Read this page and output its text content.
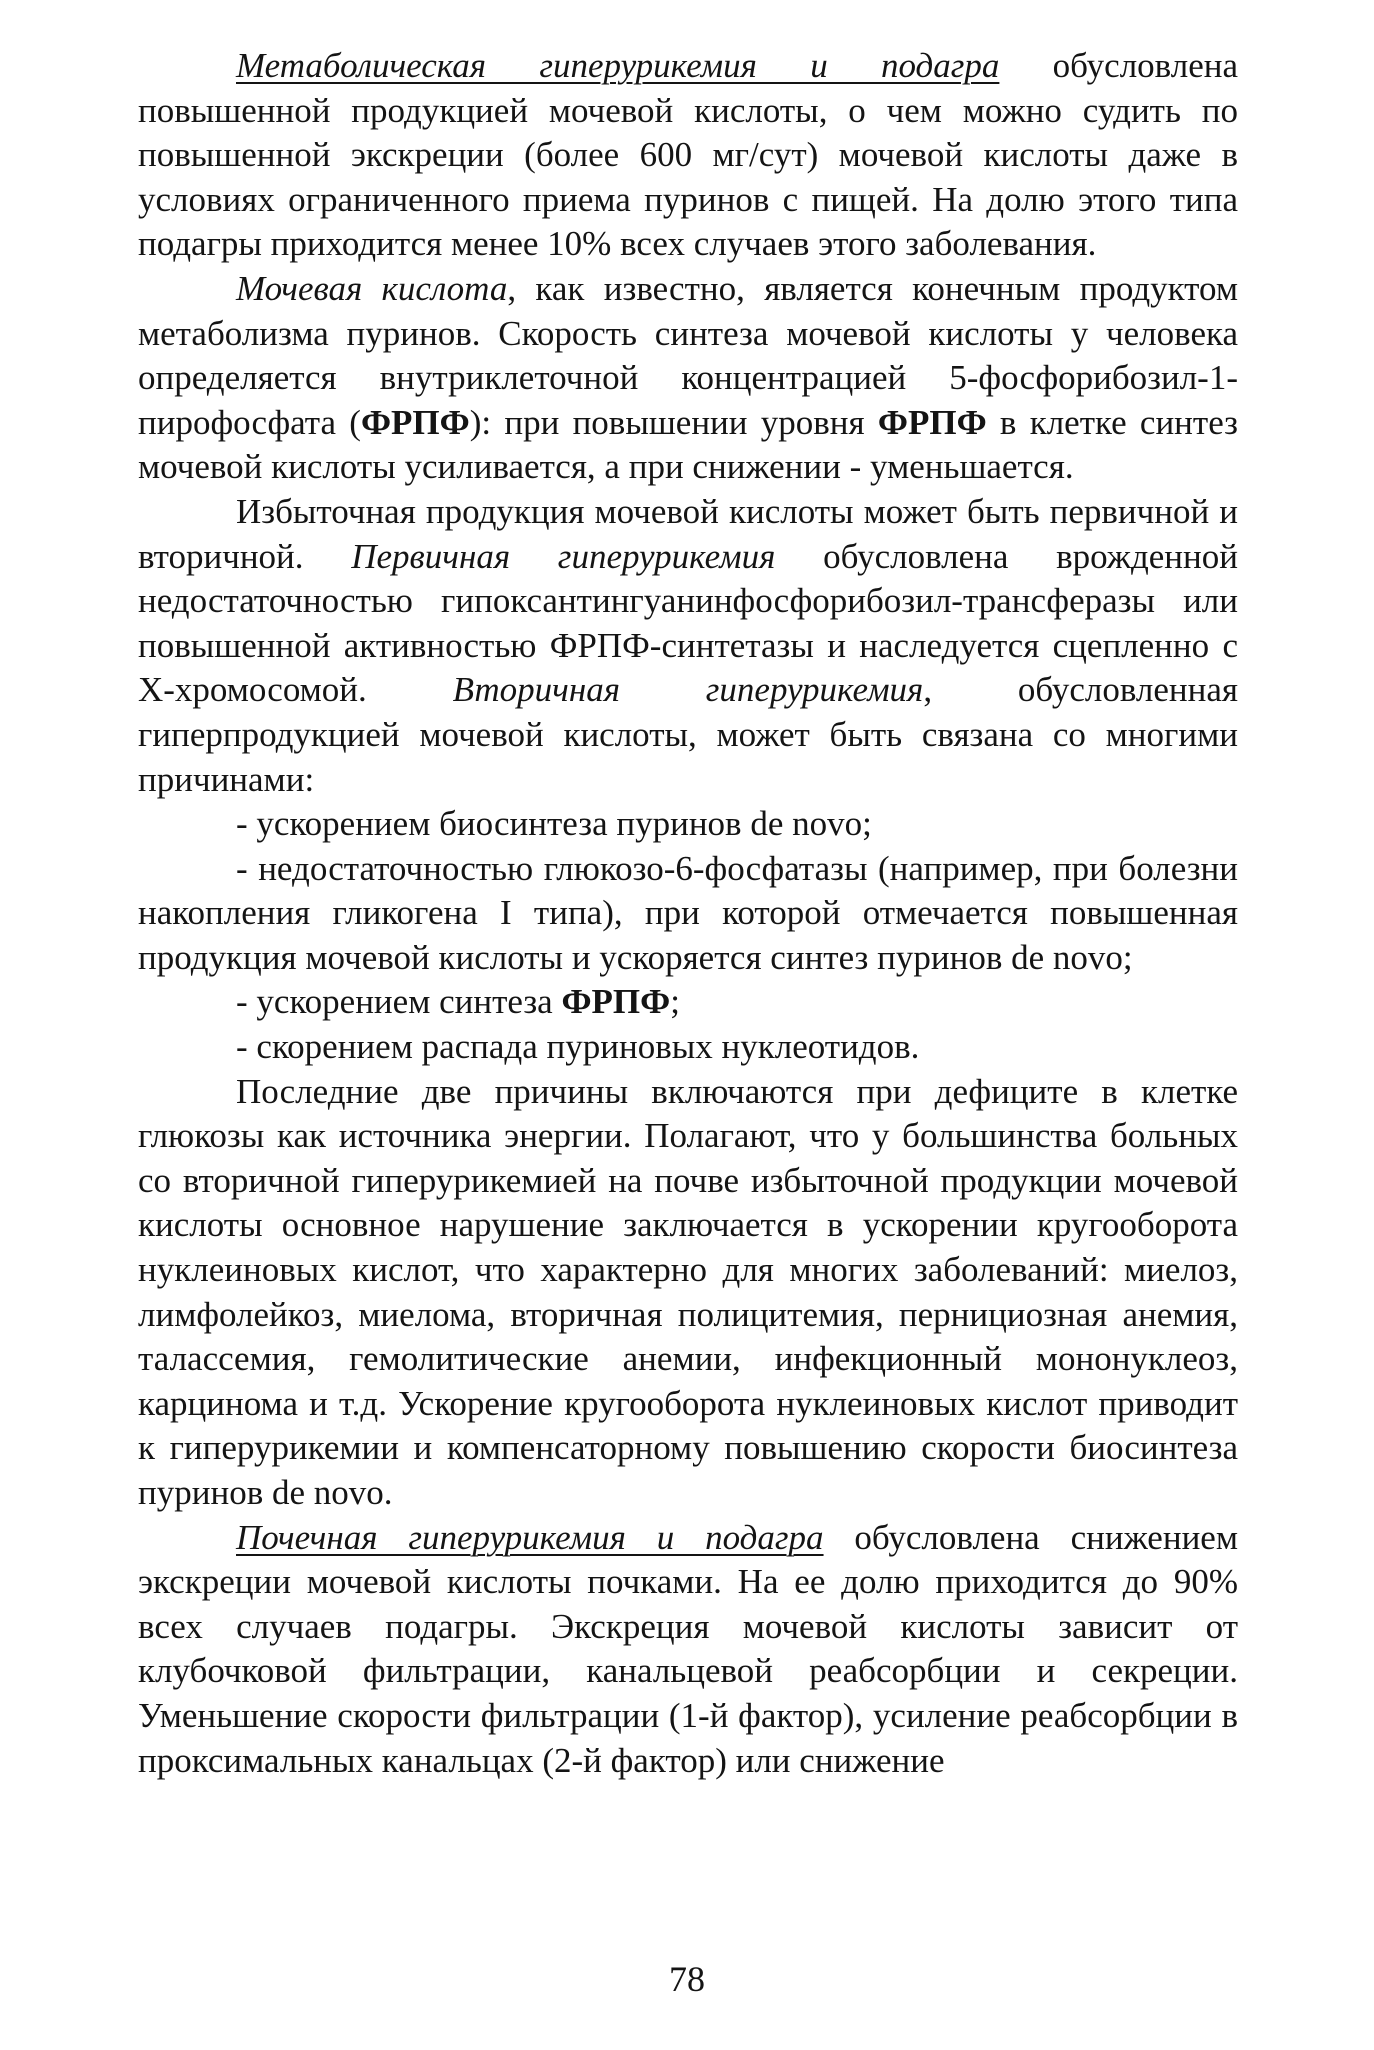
Метаболическая гиперурикемия и подагра обусловлена повышенной продукцией мочевой кислоты, о чем можно судить по повышенной экскреции (более 600 мг/сут) мочевой кислоты даже в условиях ограниченного приема пуринов с пищей. На долю этого типа подагры приходится менее 10% всех случаев этого заболевания.

Мочевая кислота, как известно, является конечным продуктом метаболизма пуринов. Скорость синтеза мочевой кислоты у человека определяется внутриклеточной концентрацией 5-фосфорибозил-1-пирофосфата (ФРПФ): при повышении уровня ФРПФ в клетке синтез мочевой кислоты усиливается, а при снижении - уменьшается.

Избыточная продукция мочевой кислоты может быть первичной и вторичной. Первичная гиперурикемия обусловлена врожденной недостаточностью гипоксантингуанинфосфорибозил-трансферазы или повышенной активностью ФРПФ-синтетазы и наследуется сцепленно с Х-хромосомой. Вторичная гиперурикемия, обусловленная гиперпродукцией мочевой кислоты, может быть связана со многими причинами:

- ускорением биосинтеза пуринов de novo;

- недостаточностью глюкозо-6-фосфатазы (например, при болезни накопления гликогена I типа), при которой отмечается повышенная продукция мочевой кислоты и ускоряется синтез пуринов de novo;

- ускорением синтеза ФРПФ;

- скорением распада пуриновых нуклеотидов.

Последние две причины включаются при дефиците в клетке глюкозы как источника энергии. Полагают, что у большинства больных со вторичной гиперурикемией на почве избыточной продукции мочевой кислоты основное нарушение заключается в ускорении кругооборота нуклеиновых кислот, что характерно для многих заболеваний: миелоз, лимфолейкоз, миелома, вторичная полицитемия, пернициозная анемия, талассемия, гемолитические анемии, инфекционный мононуклеоз, карцинома и т.д. Ускорение кругооборота нуклеиновых кислот приводит к гиперурикемии и компенсаторному повышению скорости биосинтеза пуринов de novo.

Почечная гиперурикемия и подагра обусловлена снижением экскреции мочевой кислоты почками. На ее долю приходится до 90% всех случаев подагры. Экскреция мочевой кислоты зависит от клубочковой фильтрации, канальцевой реабсорбции и секреции. Уменьшение скорости фильтрации (1-й фактор), усиление реабсорбции в проксимальных канальцах (2-й фактор) или снижение

78
